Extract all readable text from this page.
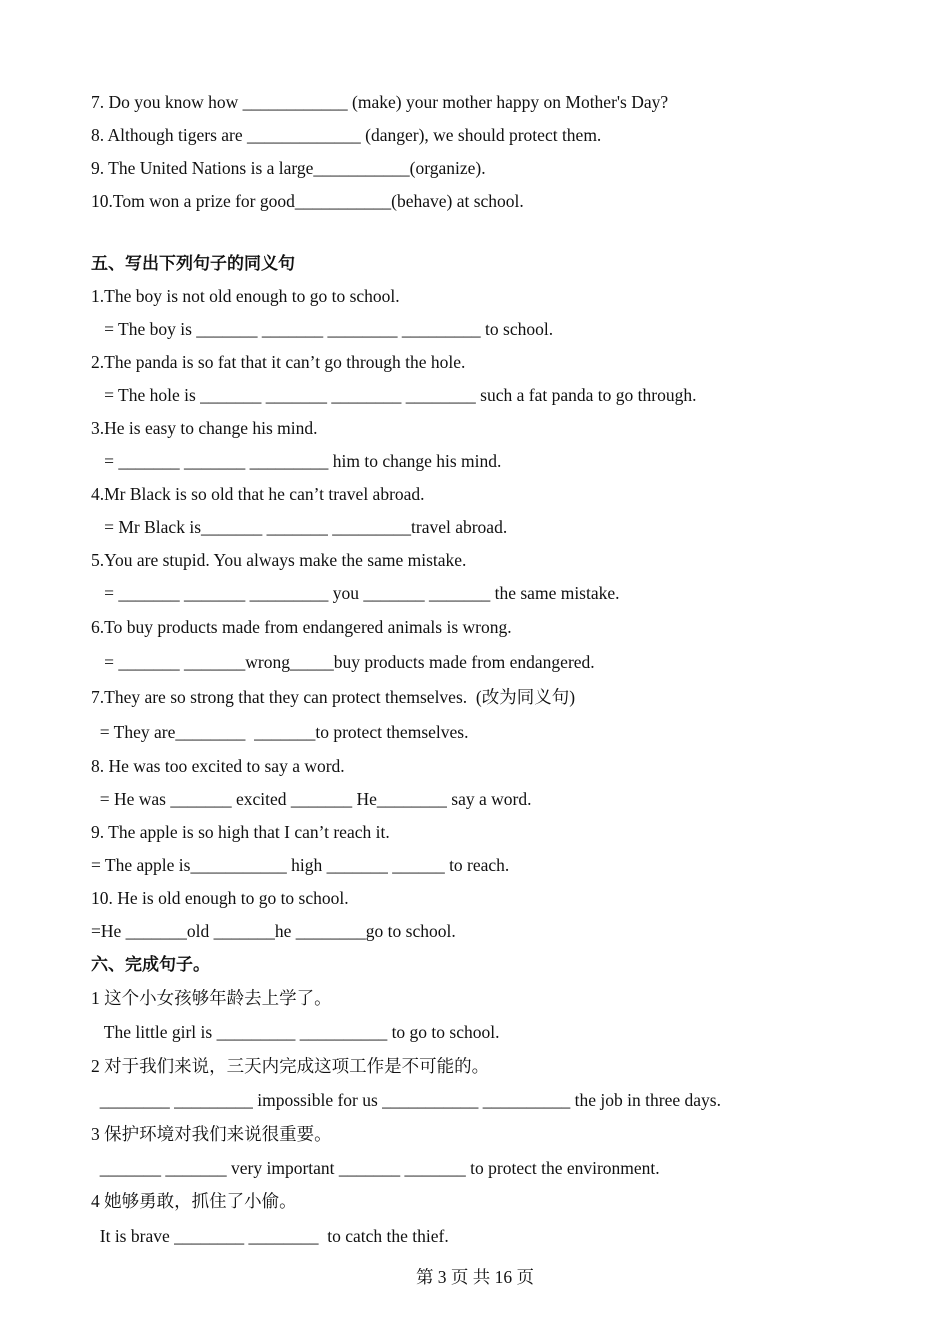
7. Do you know how ____________ (make) your mother happy on Mother's Day?
8. Although tigers are _____________ (danger), we should protect them.
9. The United Nations is a large___________(organize).
10.Tom won a prize for good___________(behave) at school.
五、写出下列句子的同义句
1.The boy is not old enough to go to school.
= The boy is _______ _______ ________ _________ to school.
2.The panda is so fat that it can’t go through the hole.
= The hole is _______ _______ ________ ________ such a fat panda to go through.
3.He is easy to change his mind.
= _______ _______ _________ him to change his mind.
4.Mr Black is so old that he can’t travel abroad.
= Mr Black is_______ _______ _________travel abroad.
5.You are stupid. You always make the same mistake.
= _______ _______ _________ you _______ _______ the same mistake.
6.To buy products made from endangered animals is wrong.
= _______ _______wrong_____buy products made from endangered.
7.They are so strong that they can protect themselves.  (改为同义句)
= They are________  _______to protect themselves.
8. He was too excited to say a word.
= He was _______ excited _______ He________ say a word.
9. The apple is so high that I can’t reach it.
= The apple is___________ high _______ ______ to reach.
10. He is old enough to go to school.
=He _______old _______he ________go to school.
六、完成句子。
1 这个小女孩够年龄去上学了。
The little girl is _________ __________ to go to school.
2 对于我们来说，三天内完成这项工作是不可能的。
________ _________ impossible for us ___________ __________ the job in three days.
3 保护环境对我们来说很重要。
_______ _______ very important _______ _______ to protect the environment.
4 她够勇敢，抓住了小偷。
It is brave ________ ________  to catch the thief.
第 3 页 共 16 页
